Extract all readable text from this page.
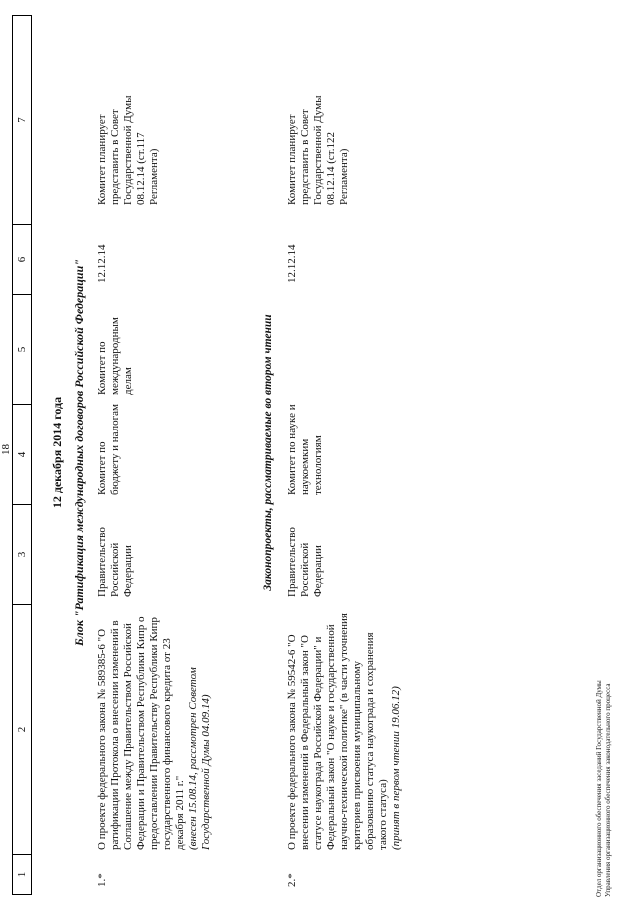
18
1
2
3
4
5
6
7
12 декабря 2014 года Блок "Ратификация международных договоров Российской Федерации"
1.*
О проекте федерального закона № 589385-6 "О ратификации Протокола о внесении изменений в Соглашение между Правительством Российской Федерации и Правительством Республики Кипр о предоставлении Правительству Республики Кипр государственного финансового кредита от 23 декабря 2011 г." (внесен 15.08.14, рассмотрен Советом Государственной Думы 04.09.14)
Правительство Российской Федерации
Комитет по бюджету и налогам
Комитет по международным делам
12.12.14
Комитет планирует представить в Совет Государственной Думы 08.12.14 (ст.117 Регламента)
Законопроекты, рассматриваемые во втором чтении
2.*
О проекте федерального закона № 59542-6 "О внесении изменений в Федеральный закон "О статусе наукограда Российской Федерации" и Федеральный закон "О науке и государственной научно-технической политике" (в части уточнения критериев присвоения муниципальному образованию статуса наукограда и сохранения такого статуса) (принят в первом чтении 19.06.12)
Правительство Российской Федерации
Комитет по науке и наукоемким технологиям
12.12.14
Комитет планирует представить в Совет Государственной Думы 08.12.14 (ст.122 Регламента)
Отдел организационного обеспечения заседаний Государственной Думы Управления организационного обеспечения законодательного процесса
